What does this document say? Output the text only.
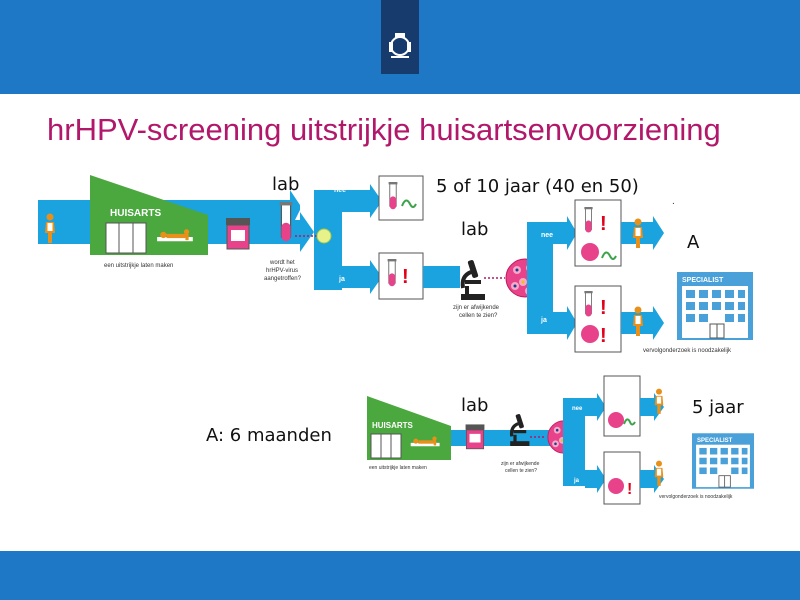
hrHPV-screening uitstrijkje huisartsenvoorziening
lab	5 of 10 jaar (40 en 50)
lab
A
lab	5 jaar
A: 6 maanden
nee
ja
HUISARTS
een uitstrijkje laten maken	wordt het
hrHPV-virus
aangetroffen?	!
zijn er afwijkende
cellen te zien?
nee
ja
!
!
!
SPECIALIST
vervolgonderzoek is noodzakelijk
.
HUISARTS
een uitstrijkje laten maken
zijn er afwijkende
cellen te zien?
nee
ja	!
SPECIALIST
vervolgonderzoek is noodzakelijk
